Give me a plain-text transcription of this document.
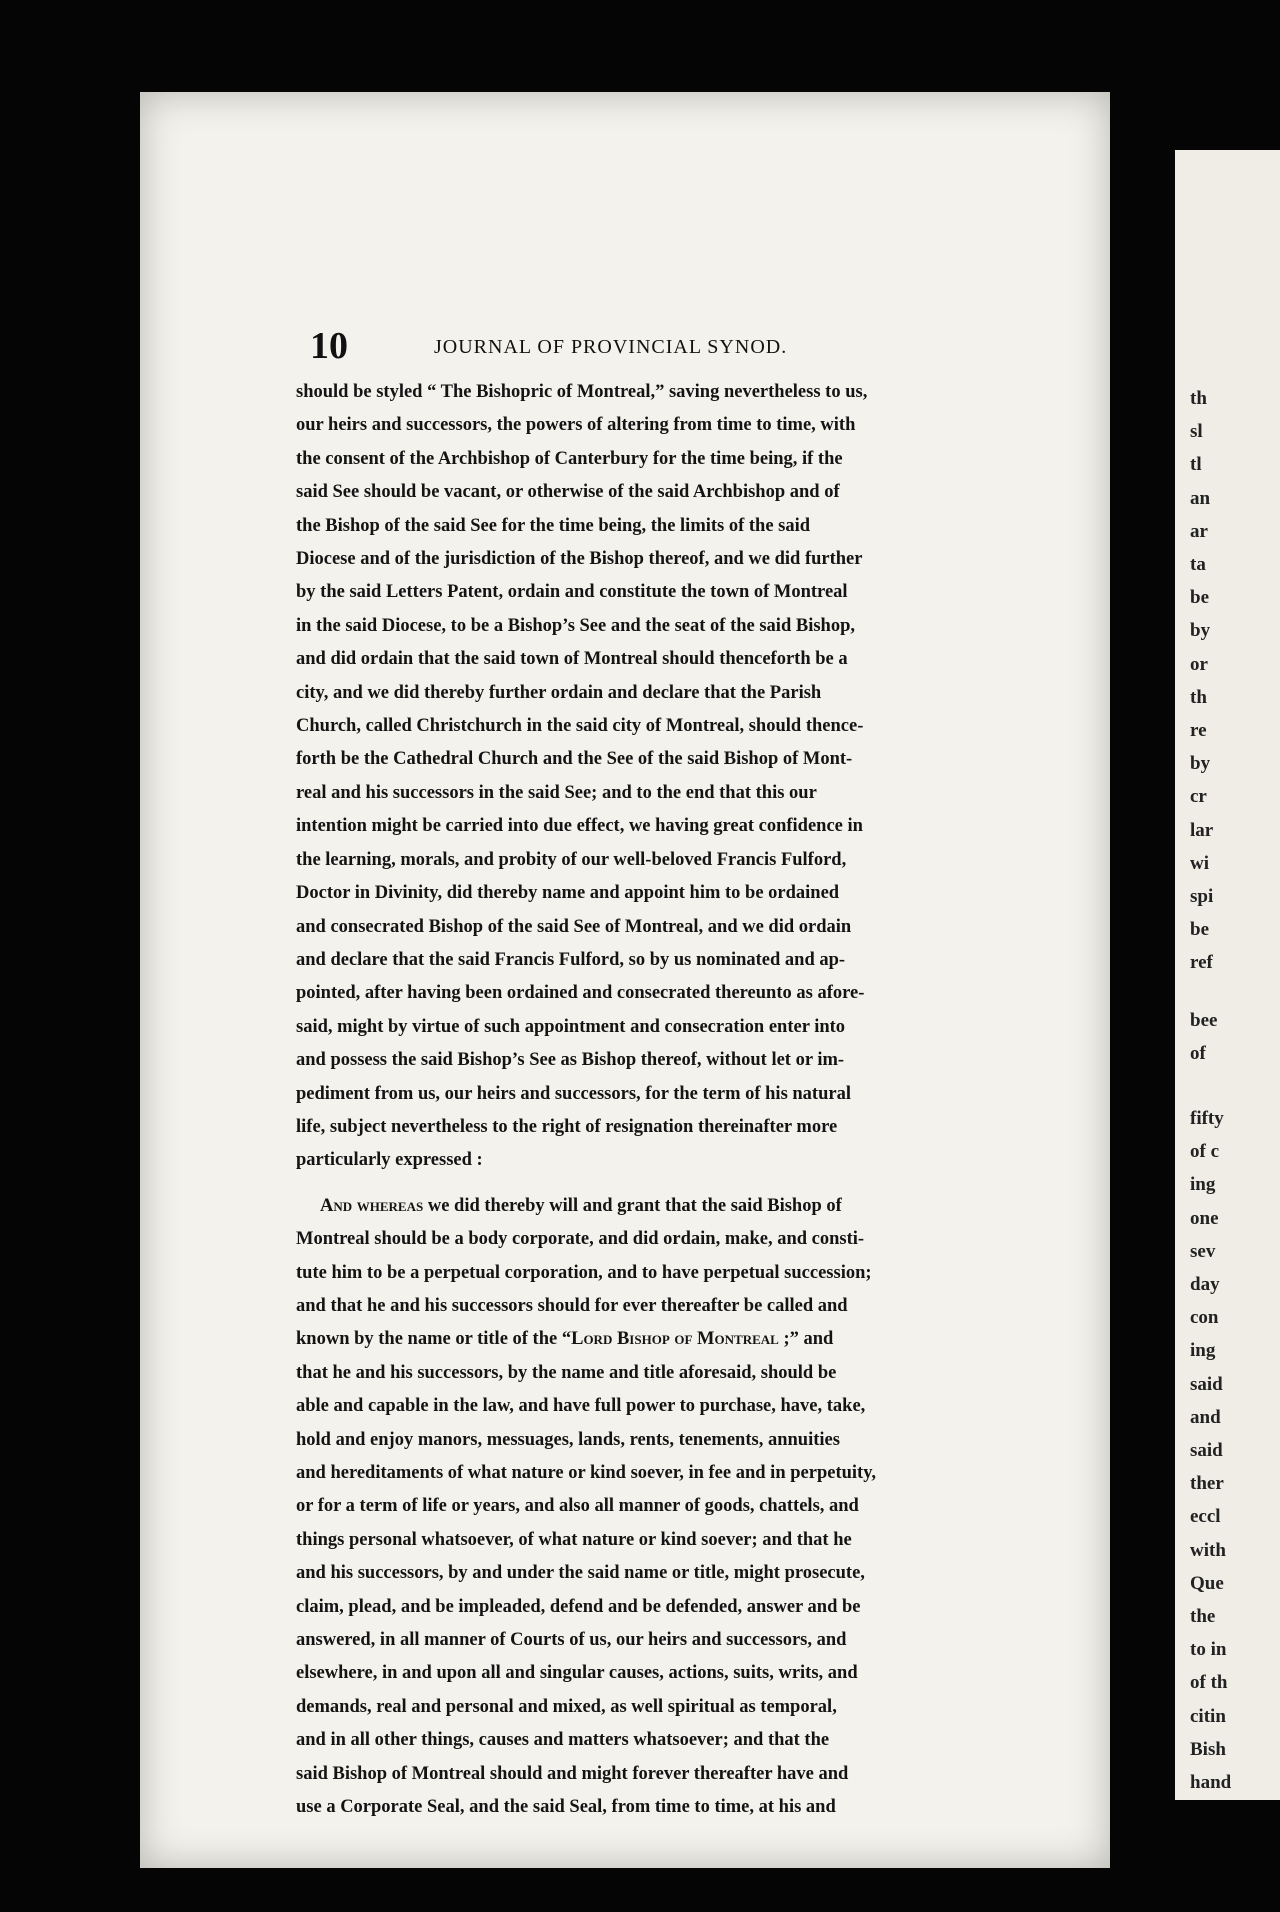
10	JOURNAL OF PROVINCIAL SYNOD.

should be styled “ The Bishopric of Montreal,” saving nevertheless to us,

our heirs and successors, the powers of altering from time to time, with

the consent of the Archbishop of Canterbury for the time being, if the

said See should be vacant, or otherwise of the said Archbishop and of

the Bishop of the said See for the time being, the limits of the said

Diocese and of the jurisdiction of the Bishop thereof, and we did further

by the said Letters Patent, ordain and constitute the town of Montreal

in the said Diocese, to be a Bishop’s See and the seat of the said Bishop,

and did ordain that the said town of Montreal should thenceforth be a

city, and we did thereby further ordain and declare that the Parish

Church, called Christchurch in the said city of Montreal, should thence-

forth be the Cathedral Church and the See of the said Bishop of Mont-

real and his successors in the said See; and to the end that this our

intention might be carried into due effect, we having great confidence in

the learning, morals, and probity of our well-beloved Francis Fulford,

Doctor in Divinity, did thereby name and appoint him to be ordained

and consecrated Bishop of the said See of Montreal, and we did ordain

and declare that the said Francis Fulford, so by us nominated and ap-

pointed, after having been ordained and consecrated thereunto as afore-

said, might by virtue of such appointment and consecration enter into

and possess the said Bishop’s See as Bishop thereof, without let or im-

pediment from us, our heirs and successors, for the term of his natural

life, subject nevertheless to the right of resignation thereinafter more

particularly expressed :

And whereas we did thereby will and grant that the said Bishop of

Montreal should be a body corporate, and did ordain, make, and consti-

tute him to be a perpetual corporation, and to have perpetual succession;

and that he and his successors should for ever thereafter be called and

known by the name or title of the “Lord Bishop of Montreal ;” and

that he and his successors, by the name and title aforesaid, should be

able and capable in the law, and have full power to purchase, have, take,

hold and enjoy manors, messuages, lands, rents, tenements, annuities

and hereditaments of what nature or kind soever, in fee and in perpetuity,

or for a term of life or years, and also all manner of goods, chattels, and

things personal whatsoever, of what nature or kind soever; and that he

and his successors, by and under the said name or title, might prosecute,

claim, plead, and be impleaded, defend and be defended, answer and be

answered, in all manner of Courts of us, our heirs and successors, and

elsewhere, in and upon all and singular causes, actions, suits, writs, and

demands, real and personal and mixed, as well spiritual as temporal,

and in all other things, causes and matters whatsoever; and that the

said Bishop of Montreal should and might forever thereafter have and

use a Corporate Seal, and the said Seal, from time to time, at his and

th
sl
tl
an
ar
ta
be
by
or
th
re
by
cr
lar
wi
spi
be
ref
bee
of
fifty
of c
ing
one
sev
day
con
ing
said
and
said
ther
eccl
with
Que
the
to in
of th
citin
Bish
hand
